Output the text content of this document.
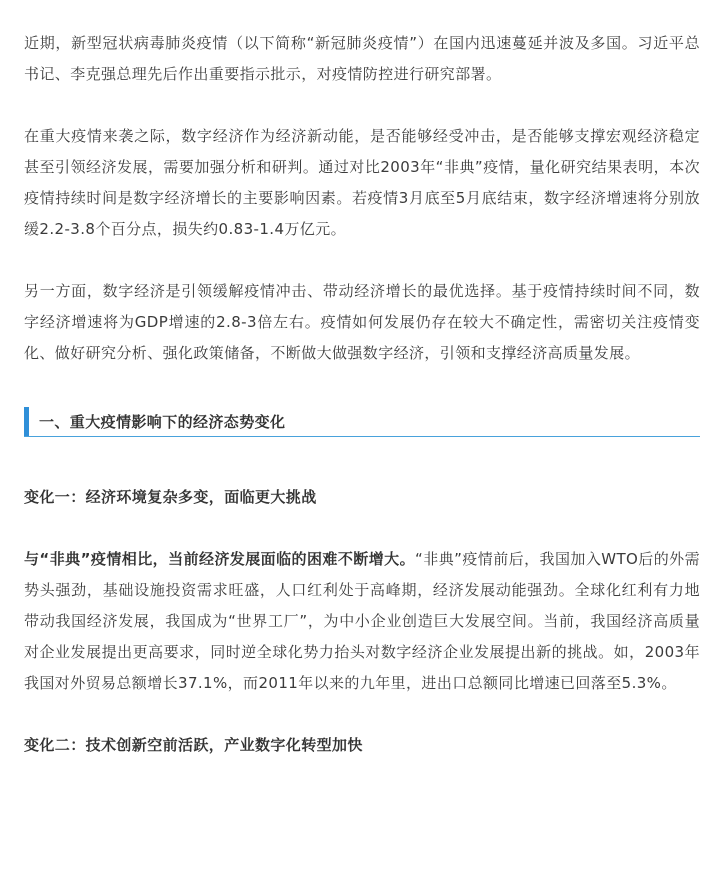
近期，新型冠状病毒肺炎疫情（以下简称“新冠肺炎疫情”）在国内迅速蔓延并波及多国。习近平总书记、李克强总理先后作出重要指示批示，对疫情防控进行研究部署。

在重大疫情来袭之际，数字经济作为经济新动能，是否能够经受冲击，是否能够支撑宏观经济稳定甚至引领经济发展，需要加强分析和研判。通过对比2003年“非典”疫情，量化研究结果表明，本次疫情持续时间是数字经济增长的主要影响因素。若疫情3月底至5月底结束，数字经济增速将分别放缓2.2-3.8个百分点，损失约0.83-1.4万亿元。

另一方面，数字经济是引领缓解疫情冲击、带动经济增长的最优选择。基于疫情持续时间不同，数字经济增速将为GDP增速的2.8-3倍左右。疫情如何发展仍存在较大不确定性，需密切关注疫情变化、做好研究分析、强化政策储备，不断做大做强数字经济，引领和支撑经济高质量发展。

一、重大疫情影响下的经济态势变化

变化一：经济环境复杂多变，面临更大挑战

与“非典”疫情相比，当前经济发展面临的困难不断增大。“非典”疫情前后，我国加入WTO后的外需势头强劲，基础设施投资需求旺盛，人口红利处于高峰期，经济发展动能强劲。全球化红利有力地带动我国经济发展，我国成为“世界工厂”，为中小企业创造巨大发展空间。当前，我国经济高质量对企业发展提出更高要求，同时逆全球化势力抬头对数字经济企业发展提出新的挑战。如，2003年我国对外贸易总额增长37.1%，而2011年以来的九年里，进出口总额同比增速已回落至5.3%。

变化二：技术创新空前活跃，产业数字化转型加快
